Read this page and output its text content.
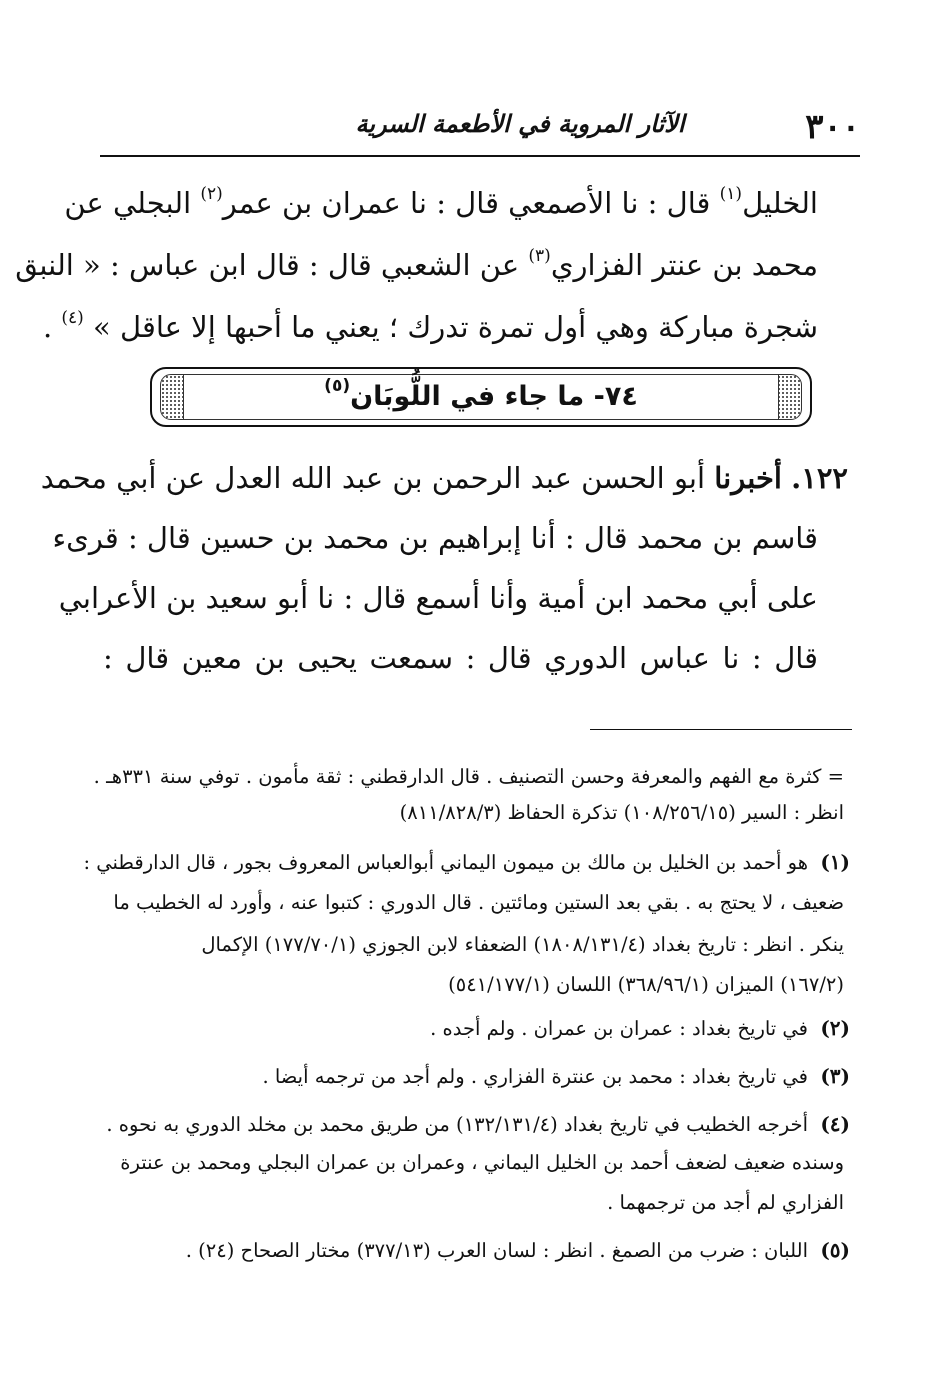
٣٠٠
الآثار المروية في الأطعمة السرية
الخليل$^{(١)}$ قال : نا الأصمعي قال : نا عمران بن عمر$^{(٢)}$ البجلي عن
محمد بن عنتر الفزاري$^{(٣)}$ عن الشعبي قال : قال ابن عباس : « النبق
شجرة مباركة وهي أول تمرة تدرك ؛ يعني ما أحبها إلا عاقل » $^{(٤)}$ .
٧٤- ما جاء في اللُّوبَان$^{(٥)}$
١٢٢. أخبرنا أبو الحسن عبد الرحمن بن عبد الله العدل عن أبي محمد
قاسم بن محمد قال : أنا إبراهيم بن محمد بن حسين قال : قرىء
على أبي محمد ابن أمية وأنا أسمع قال : نا أبو سعيد بن الأعرابي
قال : نا عباس الدوري قال : سمعت يحيى بن معين قال :
= كثرة مع الفهم والمعرفة وحسن التصنيف . قال الدارقطني : ثقة مأمون . توفي سنة ٣٣١هـ .
انظر : السير (١٠٨/٢٥٦/١٥) تذكرة الحفاظ (٨١١/٨٢٨/٣)
(١)
هو أحمد بن الخليل بن مالك بن ميمون اليماني أبوالعباس المعروف بجور ، قال الدارقطني :
ضعيف ، لا يحتج به . بقي بعد الستين ومائتين . قال الدوري : كتبوا عنه ، وأورد له الخطيب ما
ينكر . انظر : تاريخ بغداد (١٨٠٨/١٣١/٤) الضعفاء لابن الجوزي (١٧٧/٧٠/١) الإكمال
(١٦٧/٢) الميزان (٣٦٨/٩٦/١) اللسان (٥٤١/١٧٧/١)
(٢)
في تاريخ بغداد : عمران بن عمران . ولم أجده .
(٣)
في تاريخ بغداد : محمد بن عنترة الفزاري . ولم أجد من ترجمه أيضا .
(٤)
أخرجه الخطيب في تاريخ بغداد (١٣٢/١٣١/٤) من طريق محمد بن مخلد الدوري به نحوه .
وسنده ضعيف لضعف أحمد بن الخليل اليماني ، وعمران بن عمران البجلي ومحمد بن عنترة
الفزاري لم أجد من ترجمهما .
(٥)
اللبان : ضرب من الصمغ . انظر : لسان العرب (٣٧٧/١٣) مختار الصحاح (٢٤) .
